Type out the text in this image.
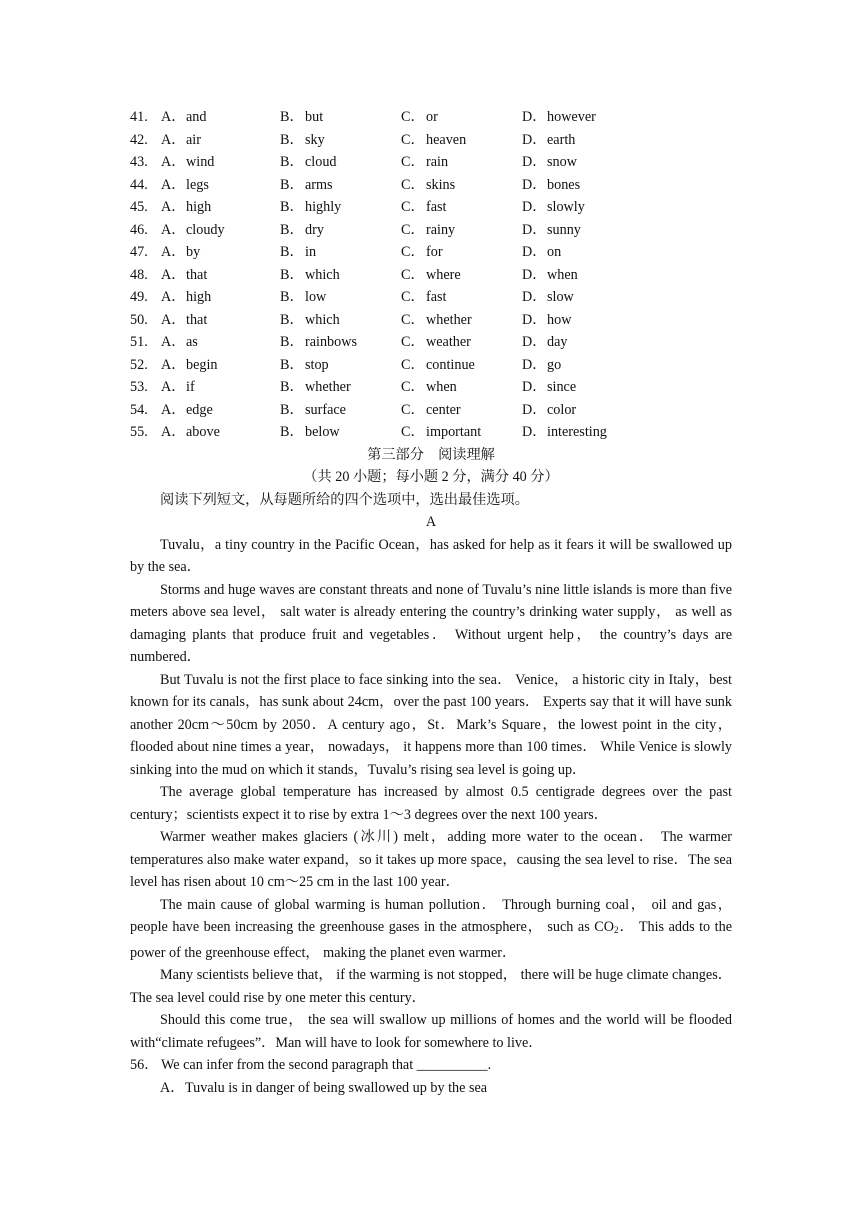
41. A．and	B．but	C．or	D．however
42. A．air	B．sky	C．heaven	D．earth
43. A．wind	B．cloud	C．rain	D．snow
44. A．legs	B．arms	C．skins	D．bones
45. A．high	B．highly	C．fast	D．slowly
46. A．cloudy	B．dry	C．rainy	D．sunny
47. A．by	B．in	C．for	D．on
48. A．that	B．which	C．where	D．when
49. A．high	B．low	C．fast	D．slow
50. A．that	B．which	C．whether	D．how
51. A．as	B．rainbows	C．weather	D．day
52. A．begin	B．stop	C．continue	D．go
53. A．if	B．whether	C．when	D．since
54. A．edge	B．surface	C．center	D．color
55. A．above	B．below	C．important	D．interesting
第三部分　阅读理解
（共 20 小题；每小题 2 分，满分 40 分）
阅读下列短文，从每题所给的四个选项中，选出最佳选项。
A

Tuvalu，a tiny country in the Pacific Ocean，has asked for help as it fears it will be swallowed up by the sea．

Storms and huge waves are constant threats and none of Tuvalu’s nine little islands is more than five meters above sea level， salt water is already entering the country’s drinking water supply， as well as damaging plants that produce fruit and vegetables． Without urgent help， the country’s days are numbered．

But Tuvalu is not the first place to face sinking into the sea． Venice， a historic city in Italy，best known for its canals，has sunk about 24cm，over the past 100 years． Experts say that it will have sunk another 20cm～50cm by 2050．A century ago，St．Mark’s Square，the lowest point in the city， flooded about nine times a year， nowadays， it happens more than 100 times． While Venice is slowly sinking into the mud on which it stands，Tuvalu’s rising sea level is going up．

The average global temperature has increased by almost 0.5 centigrade degrees over the past century；scientists expect it to rise by extra 1～3 degrees over the next 100 years．

Warmer weather makes glaciers (冰川) melt，adding more water to the ocean． The warmer temperatures also make water expand，so it takes up more space，causing the sea level to rise．The sea level has risen about 10 cm～25 cm in the last 100 year．

The main cause of global warming is human pollution． Through burning coal， oil and gas，people have been increasing the greenhouse gases in the atmosphere， such as $CO_2$． This adds to the power of the greenhouse effect， making the planet even warmer．

Many scientists believe that， if the warming is not stopped， there will be huge climate changes． The sea level could rise by one meter this century．

Should this come true， the sea will swallow up millions of homes and the world will be flooded with“climate refugees”．Man will have to look for somewhere to live．

56． We can infer from the second paragraph that __________.
A．Tuvalu is in danger of being swallowed up by the sea
